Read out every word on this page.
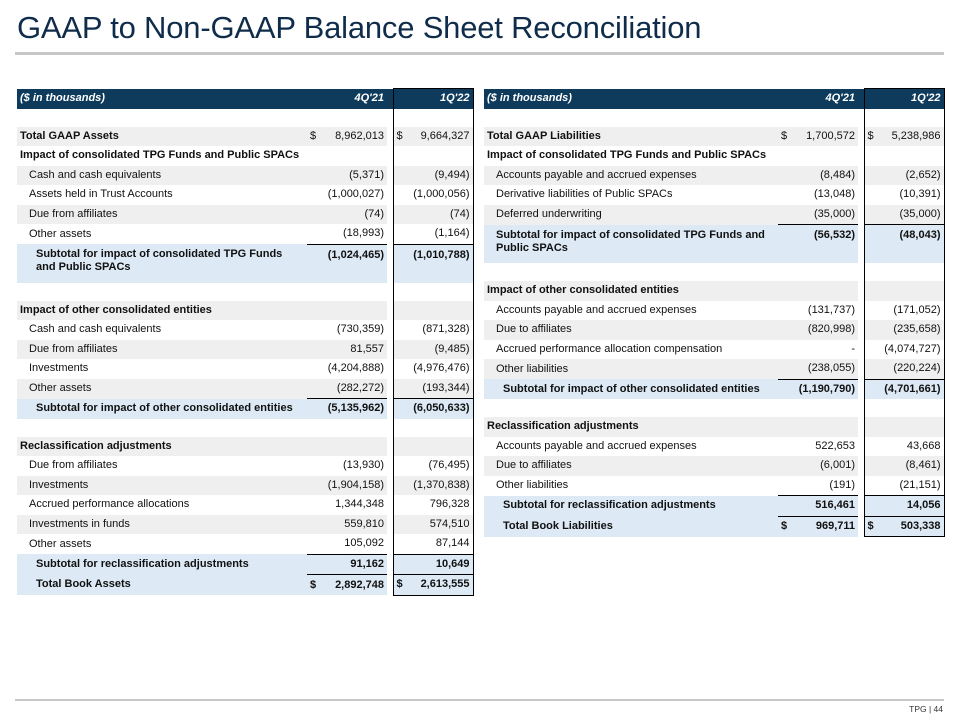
GAAP to Non-GAAP Balance Sheet Reconciliation
($ in thousands)	4Q'21		1Q'22

Total GAAP Assets	$ 8,962,013		$ 9,664,327

Impact of consolidated TPG Funds and Public SPACs			
Cash and cash equivalents	(5,371)		(9,494)
Assets held in Trust Accounts	(1,000,027)		(1,000,056)
Due from affiliates	(74)		(74)
Other assets	(18,993)		(1,164)
Subtotal for impact of consolidated TPG Funds and Public SPACs	(1,024,465)		(1,010,788)

Impact of other consolidated entities			
Cash and cash equivalents	(730,359)		(871,328)
Due from affiliates	81,557		(9,485)
Investments	(4,204,888)		(4,976,476)
Other assets	(282,272)		(193,344)
Subtotal for impact of other consolidated entities	(5,135,962)		(6,050,633)

Reclassification adjustments			
Due from affiliates	(13,930)		(76,495)
Investments	(1,904,158)		(1,370,838)
Accrued performance allocations	1,344,348		796,328
Investments in funds	559,810		574,510
Other assets	105,092		87,144
Subtotal for reclassification adjustments	91,162		10,649
Total Book Assets	$ 2,892,748		$ 2,613,555
($ in thousands)	4Q'21		1Q'22

Total GAAP Liabilities	$ 1,700,572		$ 5,238,986

Impact of consolidated TPG Funds and Public SPACs			
Accounts payable and accrued expenses	(8,484)		(2,652)
Derivative liabilities of Public SPACs	(13,048)		(10,391)
Deferred underwriting	(35,000)		(35,000)
Subtotal for impact of consolidated TPG Funds and Public SPACs	(56,532)		(48,043)

Impact of other consolidated entities			
Accounts payable and accrued expenses	(131,737)		(171,052)
Due to affiliates	(820,998)		(235,658)
Accrued performance allocation compensation	-		(4,074,727)
Other liabilities	(238,055)		(220,224)
Subtotal for impact of other consolidated entities	(1,190,790)		(4,701,661)

Reclassification adjustments			
Accounts payable and accrued expenses	522,653		43,668
Due to affiliates	(6,001)		(8,461)
Other liabilities	(191)		(21,151)
Subtotal for reclassification adjustments	516,461		14,056
Total Book Liabilities	$ 969,711		$ 503,338
TPG | 44
